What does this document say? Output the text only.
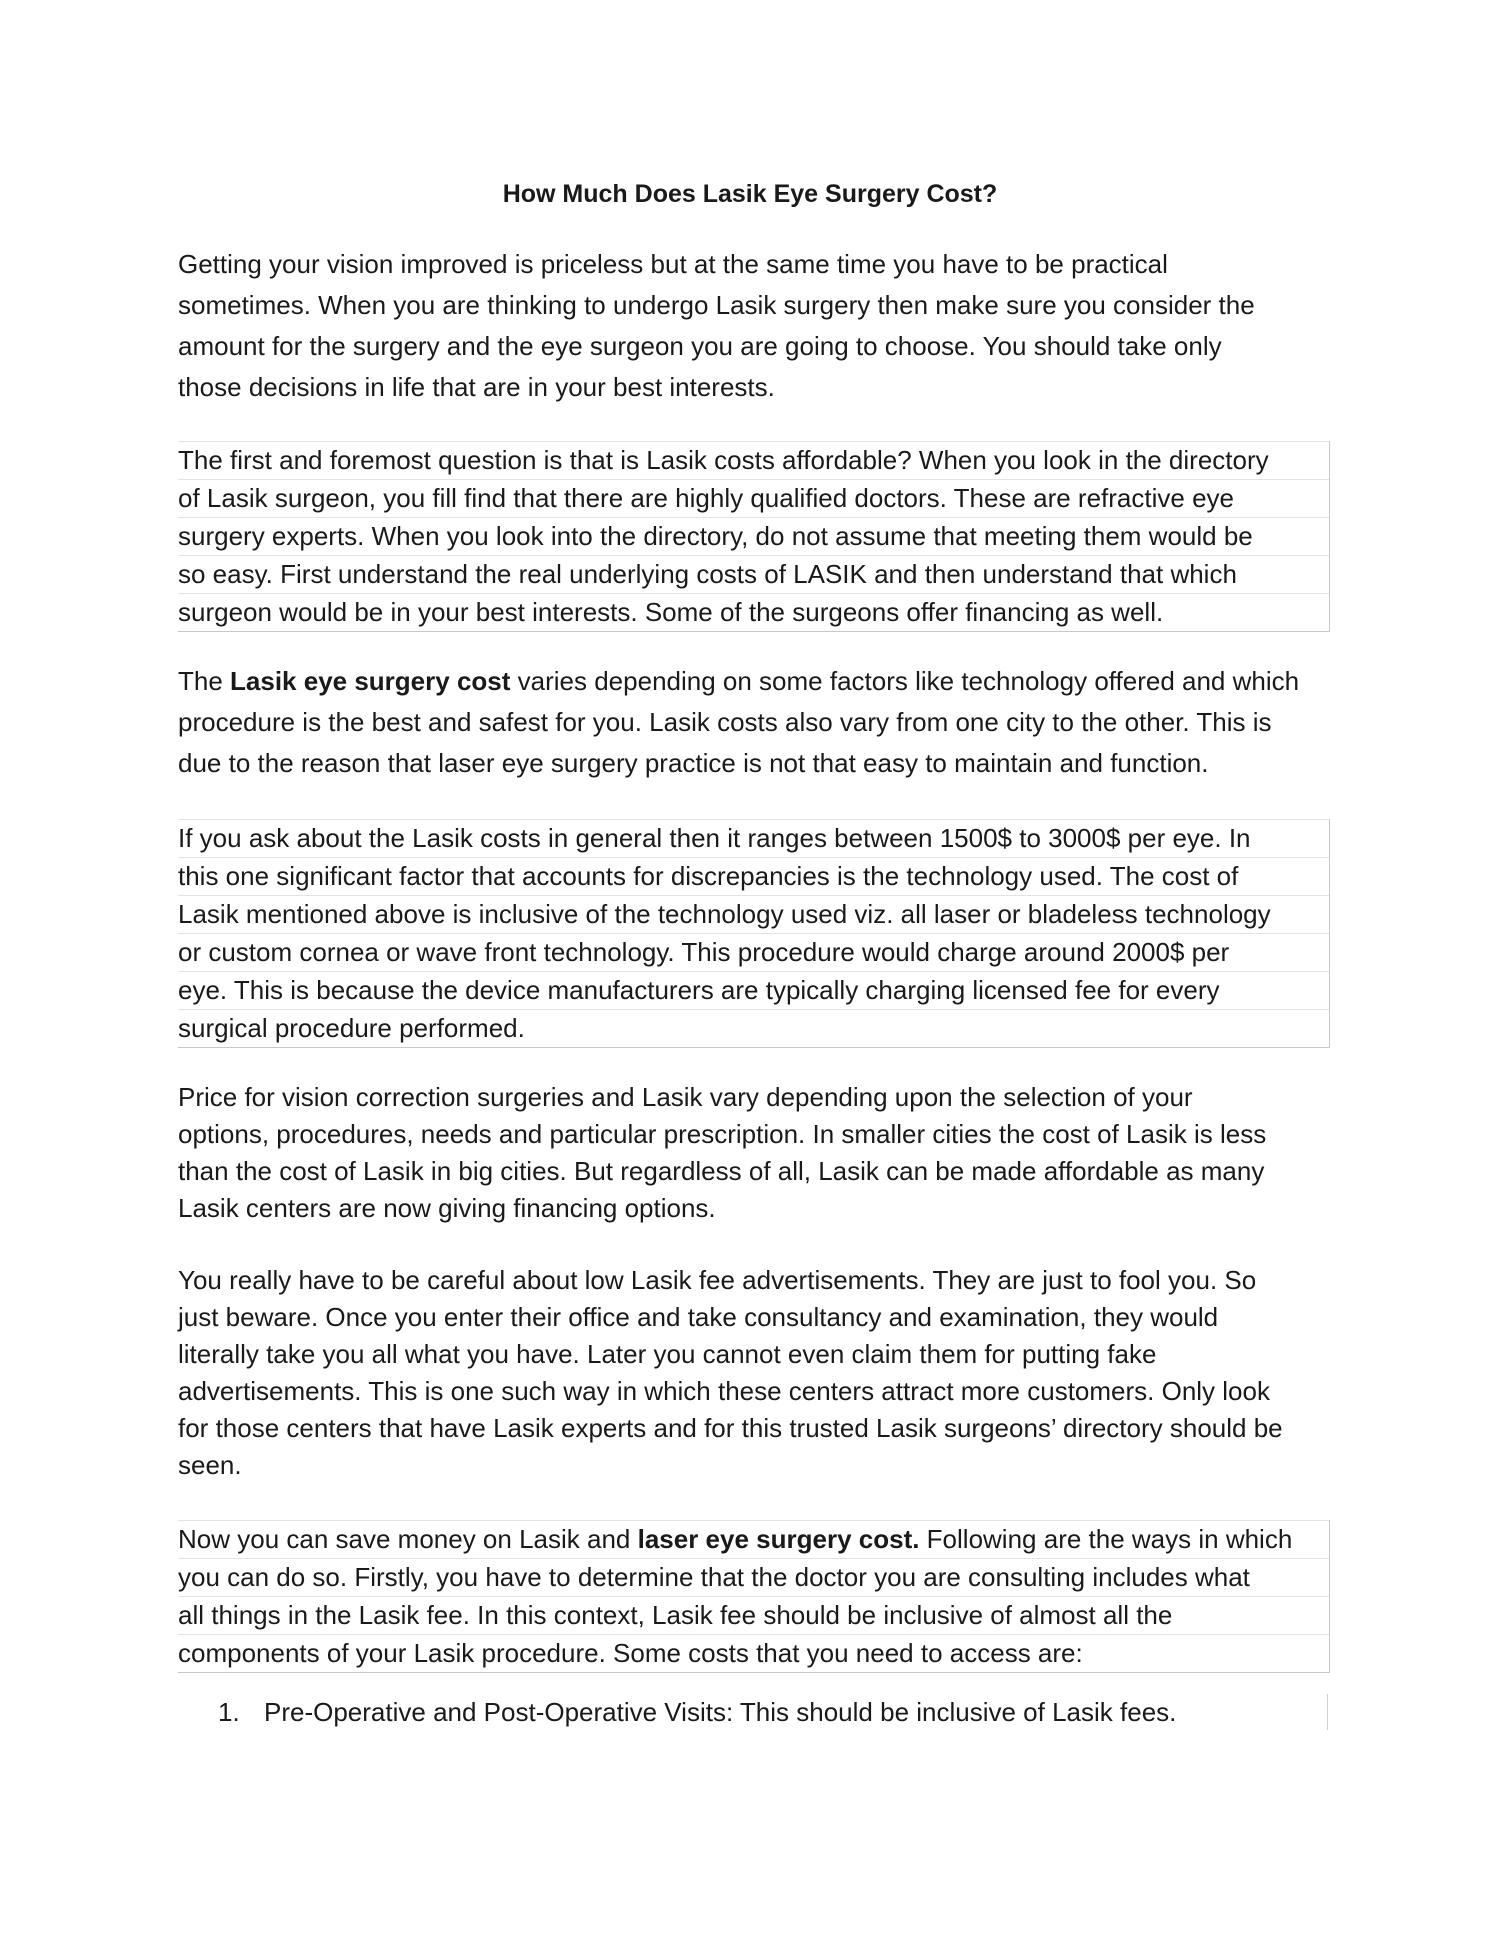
How Much Does Lasik Eye Surgery Cost?
Getting your vision improved is priceless but at the same time you have to be practical
sometimes. When you are thinking to undergo Lasik surgery then make sure you consider the
amount for the surgery and the eye surgeon you are going to choose. You should take only
those decisions in life that are in your best interests.
The first and foremost question is that is Lasik costs affordable? When you look in the directory
of Lasik surgeon, you fill find that there are highly qualified doctors. These are refractive eye
surgery experts. When you look into the directory, do not assume that meeting them would be
so easy. First understand the real underlying costs of LASIK and then understand that which
surgeon would be in your best interests. Some of the surgeons offer financing as well.
The Lasik eye surgery cost varies depending on some factors like technology offered and which
procedure is the best and safest for you. Lasik costs also vary from one city to the other. This is
due to the reason that laser eye surgery practice is not that easy to maintain and function.
If you ask about the Lasik costs in general then it ranges between 1500$ to 3000$ per eye. In
this one significant factor that accounts for discrepancies is the technology used. The cost of
Lasik mentioned above is inclusive of the technology used viz. all laser or bladeless technology
or custom cornea or wave front technology. This procedure would charge around 2000$ per
eye. This is because the device manufacturers are typically charging licensed fee for every
surgical procedure performed.
Price for vision correction surgeries and Lasik vary depending upon the selection of your
options, procedures, needs and particular prescription. In smaller cities the cost of Lasik is less
than the cost of Lasik in big cities. But regardless of all, Lasik can be made affordable as many
Lasik centers are now giving financing options.
You really have to be careful about low Lasik fee advertisements. They are just to fool you. So
just beware. Once you enter their office and take consultancy and examination, they would
literally take you all what you have. Later you cannot even claim them for putting fake
advertisements. This is one such way in which these centers attract more customers. Only look
for those centers that have Lasik experts and for this trusted Lasik surgeons’ directory should be
seen.
Now you can save money on Lasik and laser eye surgery cost. Following are the ways in which
you can do so. Firstly, you have to determine that the doctor you are consulting includes what
all things in the Lasik fee. In this context, Lasik fee should be inclusive of almost all the
components of your Lasik procedure. Some costs that you need to access are:
1. Pre-Operative and Post-Operative Visits: This should be inclusive of Lasik fees.
